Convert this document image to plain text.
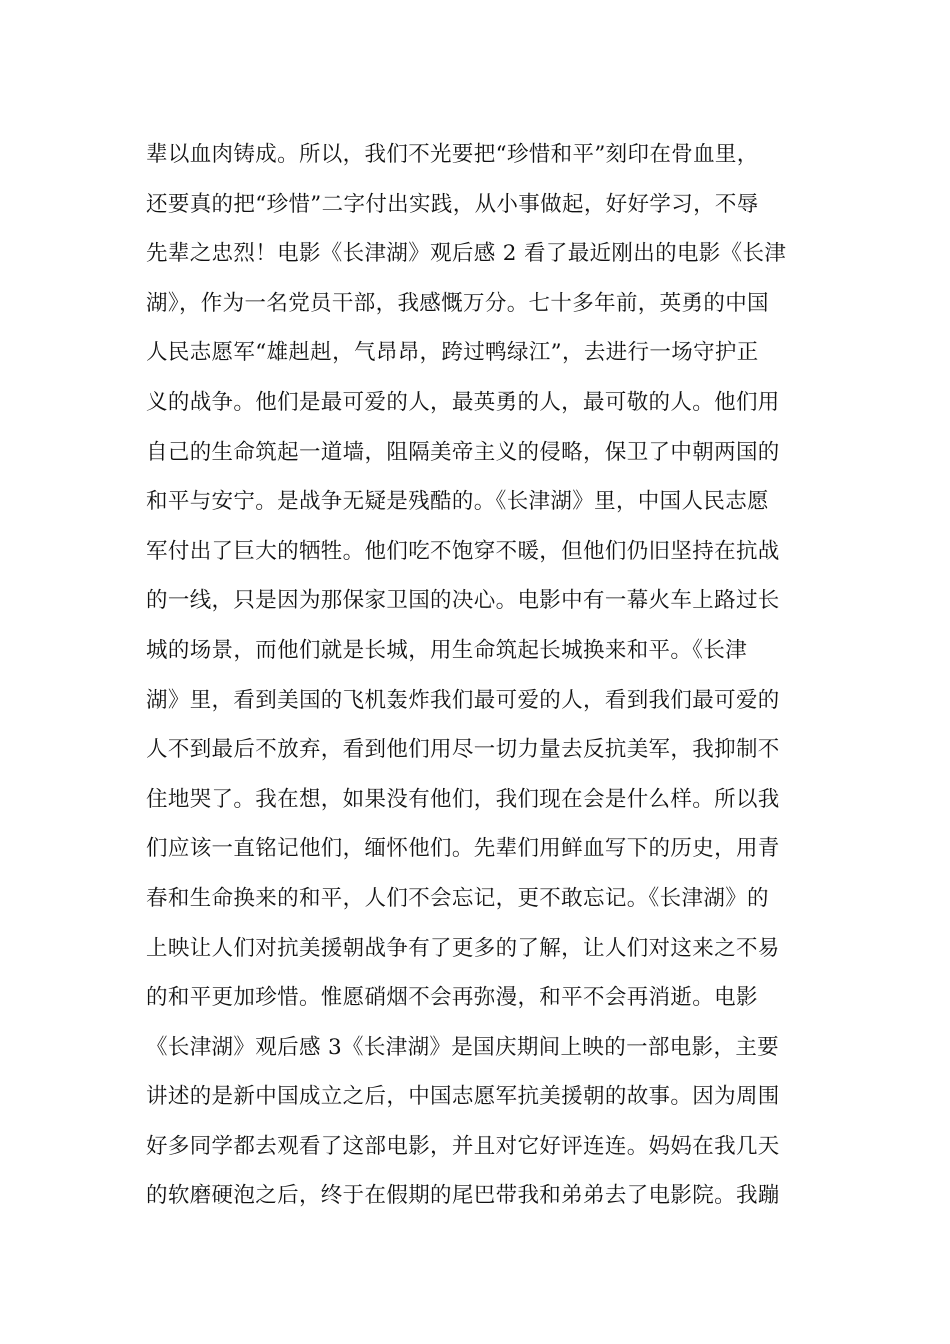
辈以血肉铸成。所以，我们不光要把“珍惜和平”刻印在骨血里，
还要真的把“珍惜”二字付出实践，从小事做起，好好学习，不辱
先辈之忠烈！电影《长津湖》观后感 2 看了最近刚出的电影《长津
湖》，作为一名党员干部，我感慨万分。七十多年前，英勇的中国
人民志愿军“雄赳赳，气昂昂，跨过鸭绿江”，去进行一场守护正
义的战争。他们是最可爱的人，最英勇的人，最可敬的人。他们用
自己的生命筑起一道墙，阻隔美帝主义的侵略，保卫了中朝两国的
和平与安宁。是战争无疑是残酷的。《长津湖》里，中国人民志愿
军付出了巨大的牺牲。他们吃不饱穿不暖，但他们仍旧坚持在抗战
的一线，只是因为那保家卫国的决心。电影中有一幕火车上路过长
城的场景，而他们就是长城，用生命筑起长城换来和平。《长津
湖》里，看到美国的飞机轰炸我们最可爱的人，看到我们最可爱的
人不到最后不放弃，看到他们用尽一切力量去反抗美军，我抑制不
住地哭了。我在想，如果没有他们，我们现在会是什么样。所以我
们应该一直铭记他们，缅怀他们。先辈们用鲜血写下的历史，用青
春和生命换来的和平，人们不会忘记，更不敢忘记。《长津湖》的
上映让人们对抗美援朝战争有了更多的了解，让人们对这来之不易
的和平更加珍惜。惟愿硝烟不会再弥漫，和平不会再消逝。电影
《长津湖》观后感 3《长津湖》是国庆期间上映的一部电影，主要
讲述的是新中国成立之后，中国志愿军抗美援朝的故事。因为周围
好多同学都去观看了这部电影，并且对它好评连连。妈妈在我几天
的软磨硬泡之后，终于在假期的尾巴带我和弟弟去了电影院。我蹦
